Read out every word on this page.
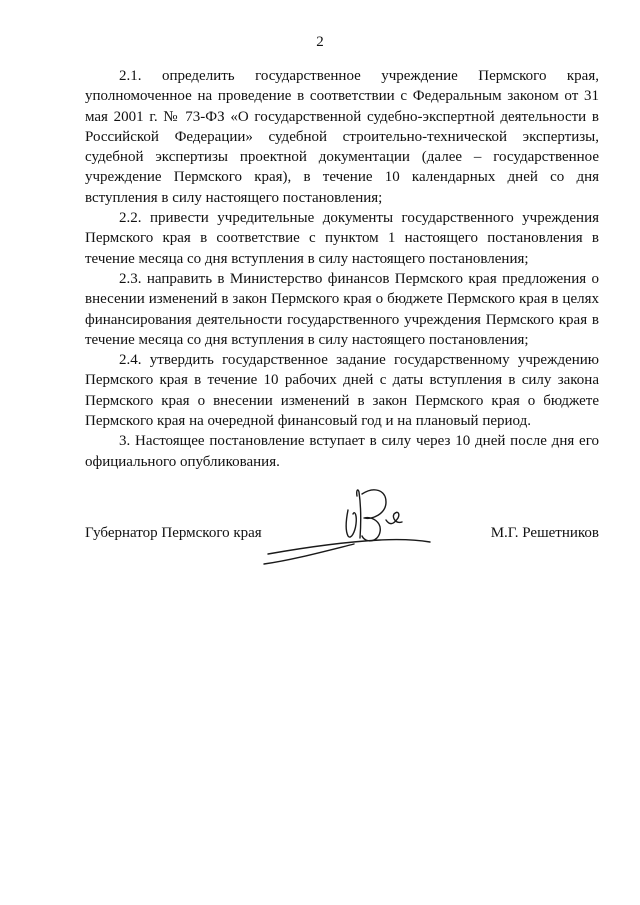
2

2.1. определить государственное учреждение Пермского края, уполномоченное на проведение в соответствии с Федеральным законом от 31 мая 2001 г. № 73-ФЗ «О государственной судебно-экспертной деятельности в Российской Федерации» судебной строительно-технической экспертизы, судебной экспертизы проектной документации (далее – государственное учреждение Пермского края), в течение 10 календарных дней со дня вступления в силу настоящего постановления;

2.2. привести учредительные документы государственного учреждения Пермского края в соответствие с пунктом 1 настоящего постановления в течение месяца со дня вступления в силу настоящего постановления;

2.3. направить в Министерство финансов Пермского края предложения о внесении изменений в закон Пермского края о бюджете Пермского края в целях финансирования деятельности государственного учреждения Пермского края в течение месяца со дня вступления в силу настоящего постановления;

2.4. утвердить государственное задание государственному учреждению Пермского края в течение 10 рабочих дней с даты вступления в силу закона Пермского края о внесении изменений в закон Пермского края о бюджете Пермского края на очередной финансовый год и на плановый период.

3. Настоящее постановление вступает в силу через 10 дней после дня его официального опубликования.

Губернатор Пермского края	М.Г. Решетников
